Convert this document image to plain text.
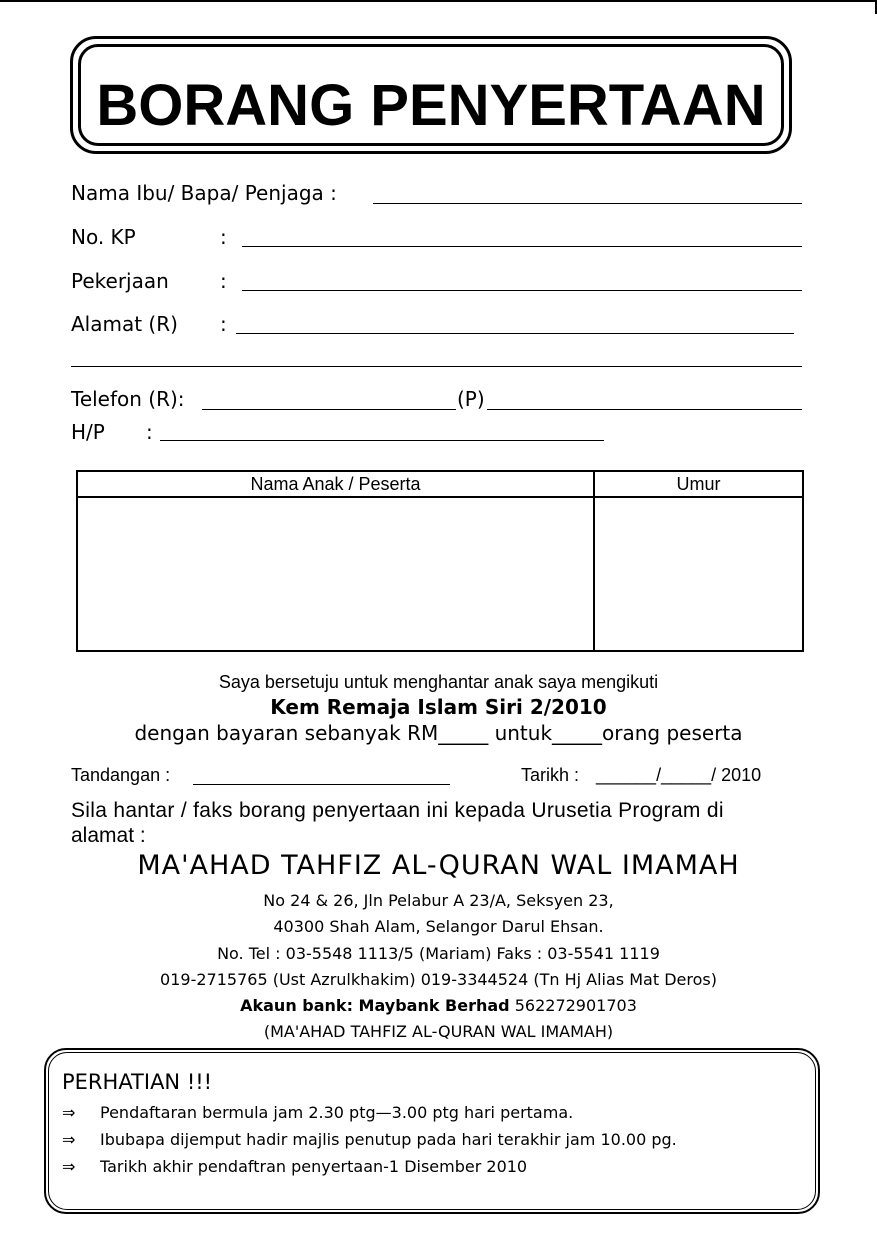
BORANG PENYERTAAN
Nama Ibu/ Bapa/ Penjaga :
No. KP	:
Pekerjaan	:
Alamat (R) :
Telefon (R):	(P)
H/P :
Nama Anak / Peserta	Umur

Saya bersetuju untuk menghantar anak saya mengikuti
Kem Remaja Islam Siri 2/2010
dengan bayaran sebanyak RM_____ untuk_____orang peserta
Tandangan :	Tarikh : ______/_____/ 2010
Sila hantar / faks borang penyertaan ini kepada Urusetia Program di
alamat :
MA'AHAD TAHFIZ AL-QURAN WAL IMAMAH
No 24 & 26, Jln Pelabur A 23/A, Seksyen 23,
40300 Shah Alam, Selangor Darul Ehsan.
No. Tel : 03-5548 1113/5 (Mariam) Faks : 03-5541 1119
019-2715765 (Ust Azrulkhakim) 019-3344524 (Tn Hj Alias Mat Deros)
Akaun bank: Maybank Berhad 562272901703
(MA'AHAD TAHFIZ AL-QURAN WAL IMAMAH)
PERHATIAN !!!
⇒ Pendaftaran bermula jam 2.30 ptg—3.00 ptg hari pertama.
⇒ Ibubapa dijemput hadir majlis penutup pada hari terakhir jam 10.00 pg.
⇒ Tarikh akhir pendaftran penyertaan-1 Disember 2010
